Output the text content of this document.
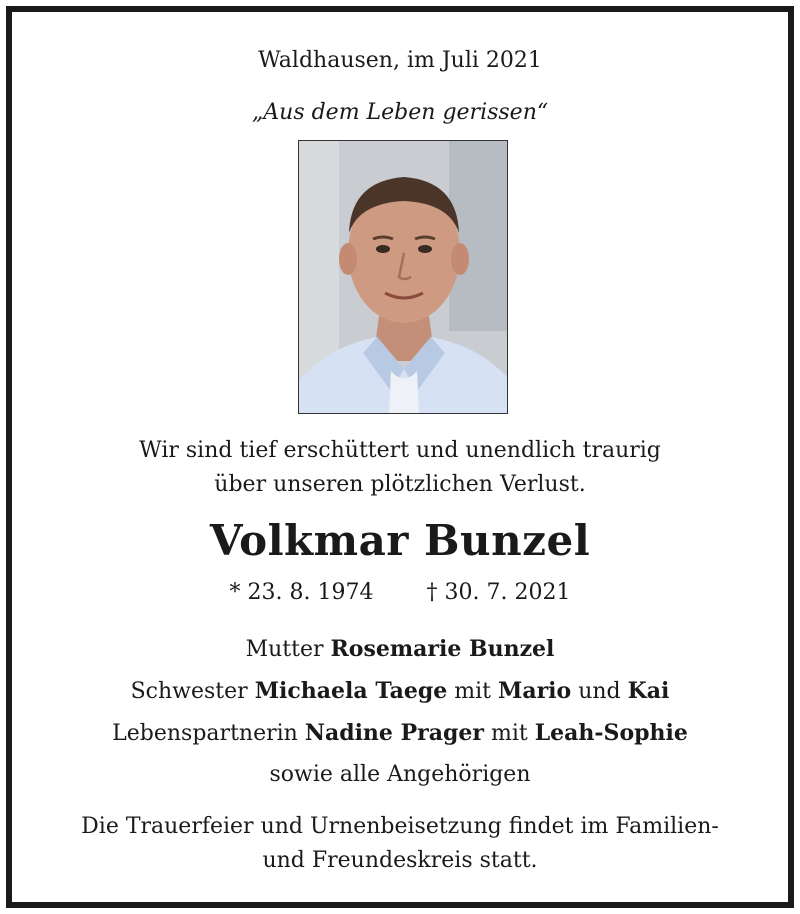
Waldhausen, im Juli 2021
„Aus dem Leben gerissen“
Wir sind tief erschüttert und unendlich traurig
über unseren plötzlichen Verlust.
Volkmar Bunzel
* 23. 8. 1974 † 30. 7. 2021
Mutter Rosemarie Bunzel
Schwester Michaela Taege mit Mario und Kai
Lebenspartnerin Nadine Prager mit Leah-Sophie
sowie alle Angehörigen
Die Trauerfeier und Urnenbeisetzung findet im Familien-
und Freundeskreis statt.
